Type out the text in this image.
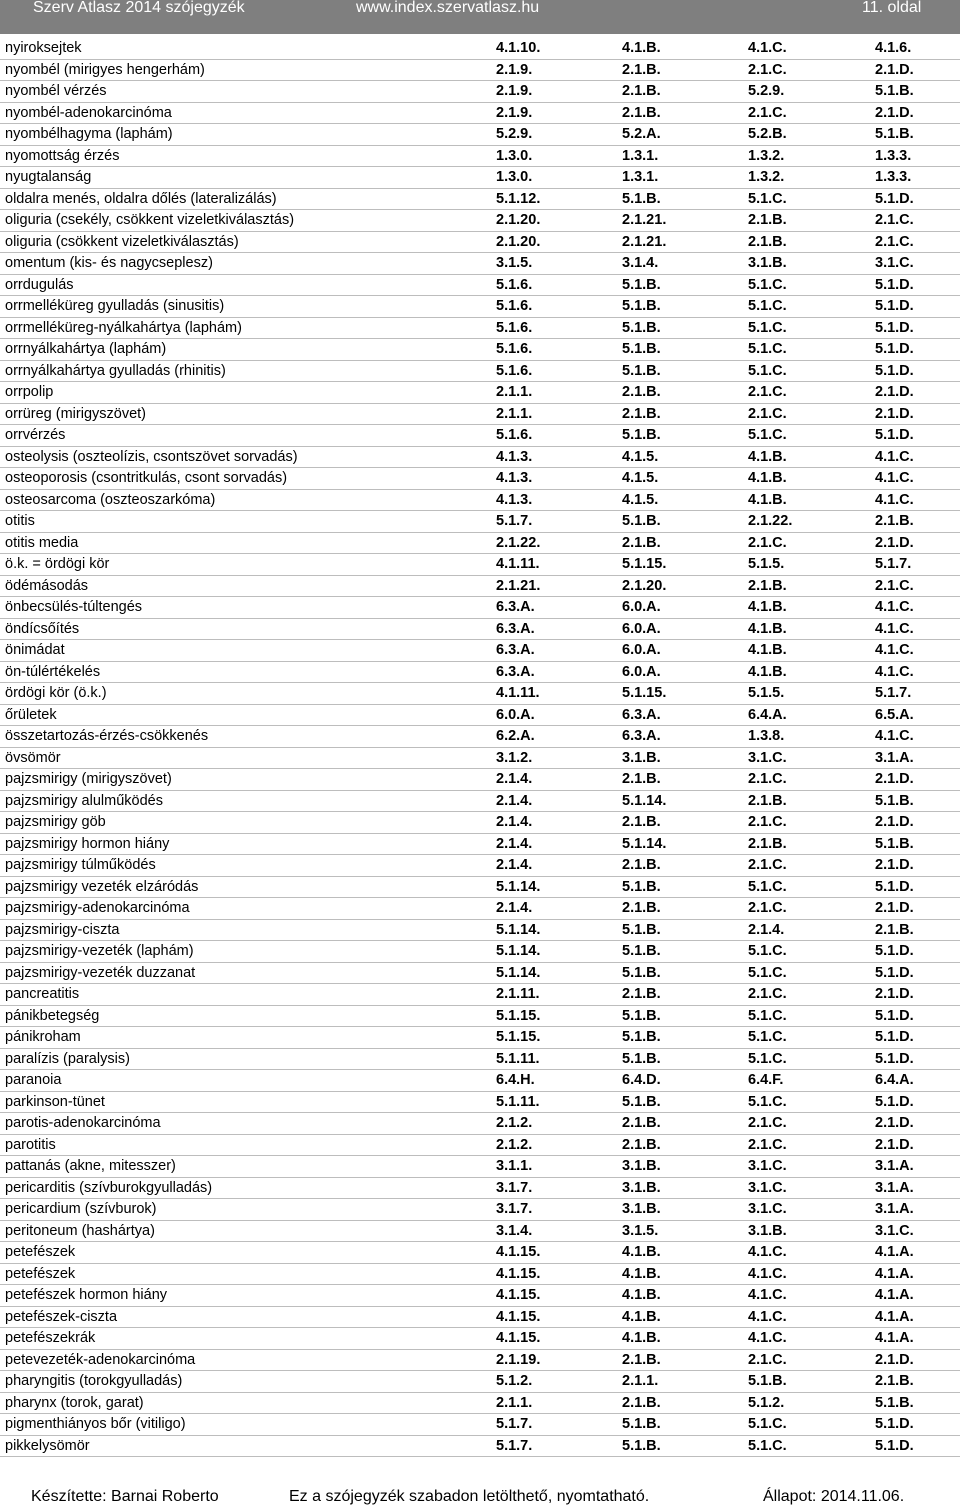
Szerv Atlasz 2014 szójegyzék	www.index.szervatlasz.hu	11. oldal
nyiroksejtek	4.1.10.	4.1.B.	4.1.C.	4.1.6.
nyombél (mirigyes hengerhám)	2.1.9.	2.1.B.	2.1.C.	2.1.D.
nyombél vérzés	2.1.9.	2.1.B.	5.2.9.	5.1.B.
nyombél-adenokarcinóma	2.1.9.	2.1.B.	2.1.C.	2.1.D.
nyombélhagyma (laphám)	5.2.9.	5.2.A.	5.2.B.	5.1.B.
nyomottság érzés	1.3.0.	1.3.1.	1.3.2.	1.3.3.
nyugtalanság	1.3.0.	1.3.1.	1.3.2.	1.3.3.
oldalra menés, oldalra dőlés (lateralizálás)	5.1.12.	5.1.B.	5.1.C.	5.1.D.
oliguria (csekély, csökkent vizeletkiválasztás)	2.1.20.	2.1.21.	2.1.B.	2.1.C.
oliguria (csökkent vizeletkiválasztás)	2.1.20.	2.1.21.	2.1.B.	2.1.C.
omentum (kis- és nagycseplesz)	3.1.5.	3.1.4.	3.1.B.	3.1.C.
orrdugulás	5.1.6.	5.1.B.	5.1.C.	5.1.D.
orrmelléküreg gyulladás (sinusitis)	5.1.6.	5.1.B.	5.1.C.	5.1.D.
orrmelléküreg-nyálkahártya (laphám)	5.1.6.	5.1.B.	5.1.C.	5.1.D.
orrnyálkahártya (laphám)	5.1.6.	5.1.B.	5.1.C.	5.1.D.
orrnyálkahártya gyulladás (rhinitis)	5.1.6.	5.1.B.	5.1.C.	5.1.D.
orrpolip	2.1.1.	2.1.B.	2.1.C.	2.1.D.
orrüreg (mirigyszövet)	2.1.1.	2.1.B.	2.1.C.	2.1.D.
orrvérzés	5.1.6.	5.1.B.	5.1.C.	5.1.D.
osteolysis (oszteolízis, csontszövet sorvadás)	4.1.3.	4.1.5.	4.1.B.	4.1.C.
osteoporosis (csontritkulás, csont sorvadás)	4.1.3.	4.1.5.	4.1.B.	4.1.C.
osteosarcoma (oszteoszarkóma)	4.1.3.	4.1.5.	4.1.B.	4.1.C.
otitis	5.1.7.	5.1.B.	2.1.22.	2.1.B.
otitis media	2.1.22.	2.1.B.	2.1.C.	2.1.D.
ö.k. = ördögi kör	4.1.11.	5.1.15.	5.1.5.	5.1.7.
ödémásodás	2.1.21.	2.1.20.	2.1.B.	2.1.C.
önbecsülés-túltengés	6.3.A.	6.0.A.	4.1.B.	4.1.C.
öndícsőítés	6.3.A.	6.0.A.	4.1.B.	4.1.C.
önimádat	6.3.A.	6.0.A.	4.1.B.	4.1.C.
ön-túlértékelés	6.3.A.	6.0.A.	4.1.B.	4.1.C.
ördögi kör (ö.k.)	4.1.11.	5.1.15.	5.1.5.	5.1.7.
őrületek	6.0.A.	6.3.A.	6.4.A.	6.5.A.
összetartozás-érzés-csökkenés	6.2.A.	6.3.A.	1.3.8.	4.1.C.
övsömör	3.1.2.	3.1.B.	3.1.C.	3.1.A.
pajzsmirigy (mirigyszövet)	2.1.4.	2.1.B.	2.1.C.	2.1.D.
pajzsmirigy alulműködés	2.1.4.	5.1.14.	2.1.B.	5.1.B.
pajzsmirigy göb	2.1.4.	2.1.B.	2.1.C.	2.1.D.
pajzsmirigy hormon hiány	2.1.4.	5.1.14.	2.1.B.	5.1.B.
pajzsmirigy túlműködés	2.1.4.	2.1.B.	2.1.C.	2.1.D.
pajzsmirigy vezeték elzáródás	5.1.14.	5.1.B.	5.1.C.	5.1.D.
pajzsmirigy-adenokarcinóma	2.1.4.	2.1.B.	2.1.C.	2.1.D.
pajzsmirigy-ciszta	5.1.14.	5.1.B.	2.1.4.	2.1.B.
pajzsmirigy-vezeték (laphám)	5.1.14.	5.1.B.	5.1.C.	5.1.D.
pajzsmirigy-vezeték duzzanat	5.1.14.	5.1.B.	5.1.C.	5.1.D.
pancreatitis	2.1.11.	2.1.B.	2.1.C.	2.1.D.
pánikbetegség	5.1.15.	5.1.B.	5.1.C.	5.1.D.
pánikroham	5.1.15.	5.1.B.	5.1.C.	5.1.D.
paralízis (paralysis)	5.1.11.	5.1.B.	5.1.C.	5.1.D.
paranoia	6.4.H.	6.4.D.	6.4.F.	6.4.A.
parkinson-tünet	5.1.11.	5.1.B.	5.1.C.	5.1.D.
parotis-adenokarcinóma	2.1.2.	2.1.B.	2.1.C.	2.1.D.
parotitis	2.1.2.	2.1.B.	2.1.C.	2.1.D.
pattanás (akne, mitesszer)	3.1.1.	3.1.B.	3.1.C.	3.1.A.
pericarditis (szívburokgyulladás)	3.1.7.	3.1.B.	3.1.C.	3.1.A.
pericardium (szívburok)	3.1.7.	3.1.B.	3.1.C.	3.1.A.
peritoneum (hashártya)	3.1.4.	3.1.5.	3.1.B.	3.1.C.
petefészek	4.1.15.	4.1.B.	4.1.C.	4.1.A.
petefészek	4.1.15.	4.1.B.	4.1.C.	4.1.A.
petefészek hormon hiány	4.1.15.	4.1.B.	4.1.C.	4.1.A.
petefészek-ciszta	4.1.15.	4.1.B.	4.1.C.	4.1.A.
petefészekrák	4.1.15.	4.1.B.	4.1.C.	4.1.A.
petevezeték-adenokarcinóma	2.1.19.	2.1.B.	2.1.C.	2.1.D.
pharyngitis (torokgyulladás)	5.1.2.	2.1.1.	5.1.B.	2.1.B.
pharynx (torok, garat)	2.1.1.	2.1.B.	5.1.2.	5.1.B.
pigmenthiányos bőr (vitiligo)	5.1.7.	5.1.B.	5.1.C.	5.1.D.
pikkelysömör	5.1.7.	5.1.B.	5.1.C.	5.1.D.
Készítette: Barnai Roberto	Ez a szójegyzék szabadon letölthető, nyomtatható.	Állapot: 2014.11.06.
